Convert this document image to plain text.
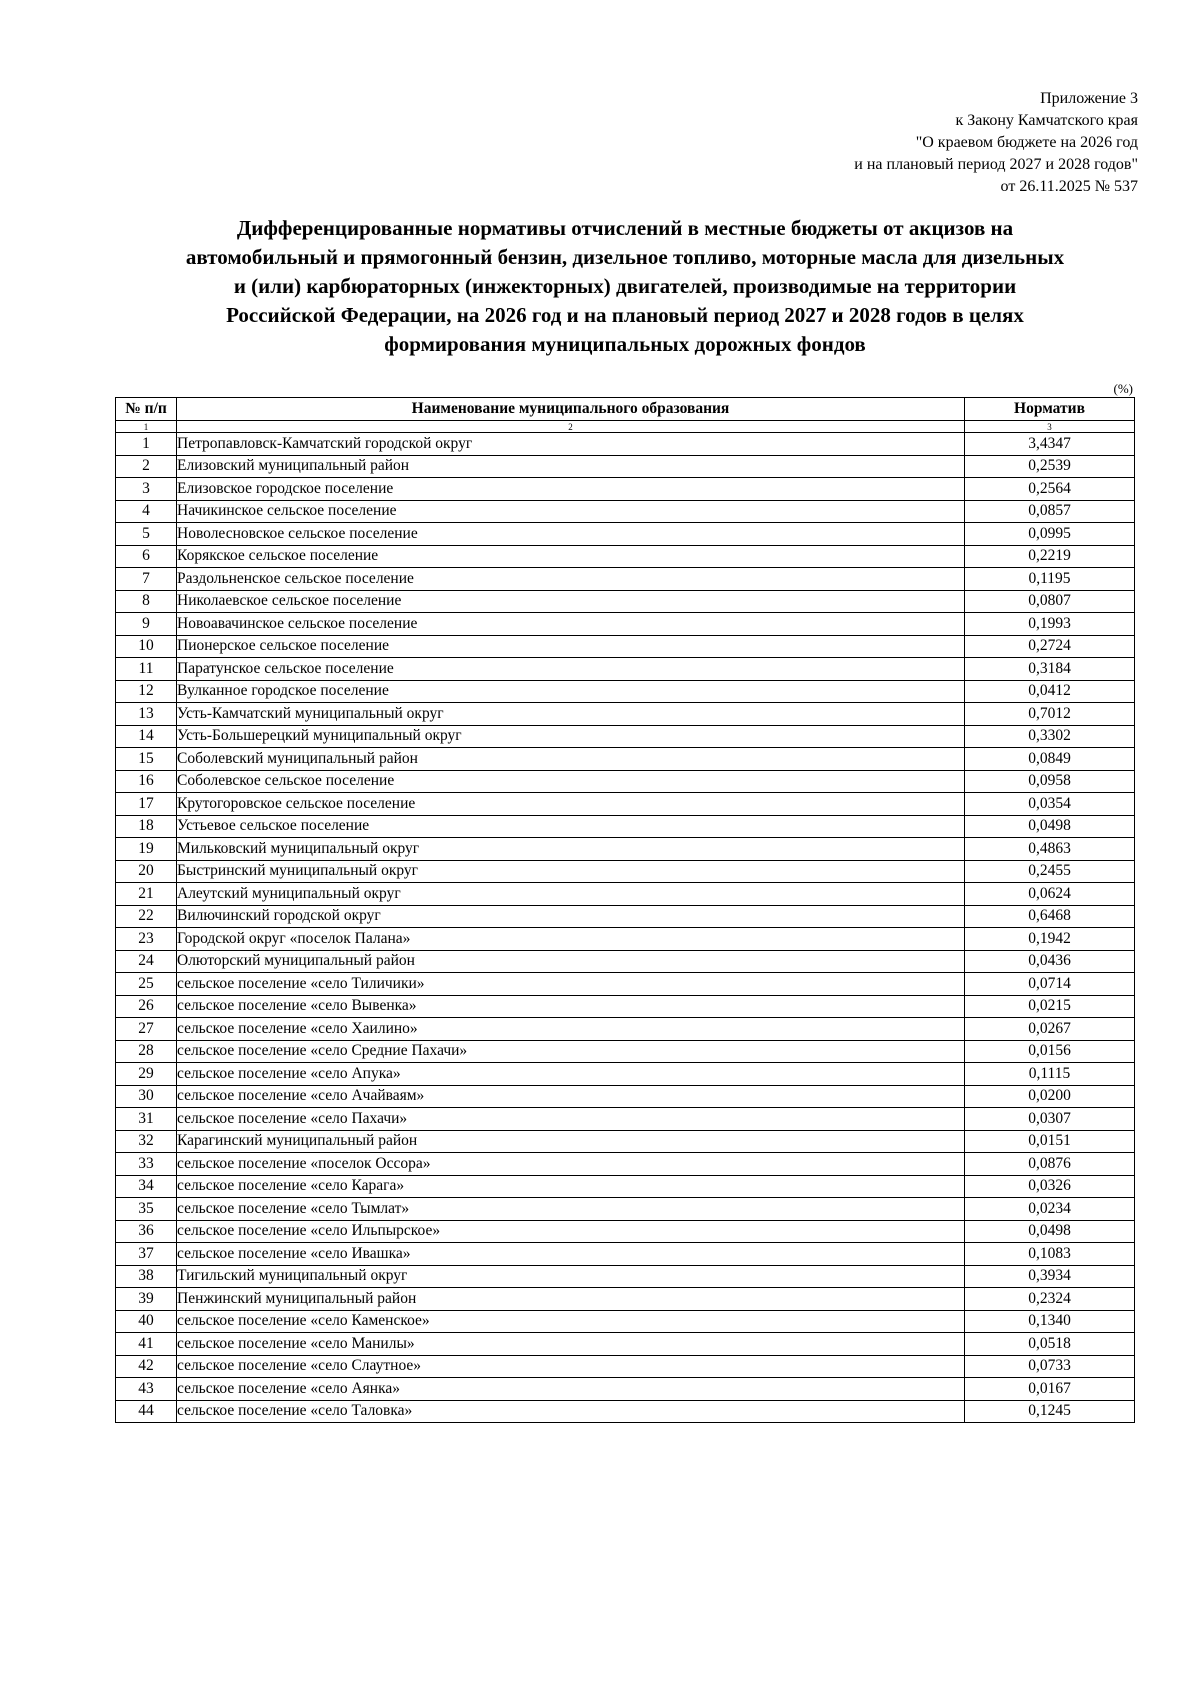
Приложение 3
к Закону Камчатского края
"О краевом бюджете на 2026 год
и на плановый период 2027 и 2028 годов"
от 26.11.2025 № 537
Дифференцированные нормативы отчислений в местные бюджеты от акцизов на
автомобильный и прямогонный бензин, дизельное топливо, моторные масла для дизельных
и (или) карбюраторных (инжекторных) двигателей, производимые на территории
Российской Федерации, на 2026 год и на плановый период 2027 и 2028 годов в целях
формирования муниципальных дорожных фондов
(%)
№ п/п	Наименование муниципального образования	Норматив
1	2	3
1	Петропавловск-Камчатский городской округ	3,4347
2	Елизовский муниципальный район	0,2539
3	Елизовское городское поселение	0,2564
4	Начикинское сельское поселение	0,0857
5	Новолесновское сельское поселение	0,0995
6	Корякское сельское поселение	0,2219
7	Раздольненское сельское поселение	0,1195
8	Николаевское сельское поселение	0,0807
9	Новоавачинское сельское поселение	0,1993
10	Пионерское сельское поселение	0,2724
11	Паратунское сельское поселение	0,3184
12	Вулканное городское поселение	0,0412
13	Усть-Камчатский муниципальный округ	0,7012
14	Усть-Большерецкий муниципальный округ	0,3302
15	Соболевский муниципальный район	0,0849
16	Соболевское сельское поселение	0,0958
17	Крутогоровское сельское поселение	0,0354
18	Устьевое сельское поселение	0,0498
19	Мильковский муниципальный округ	0,4863
20	Быстринский муниципальный округ	0,2455
21	Алеутский муниципальный округ	0,0624
22	Вилючинский городской округ	0,6468
23	Городской округ «поселок Палана»	0,1942
24	Олюторский муниципальный район	0,0436
25	сельское поселение «село Тиличики»	0,0714
26	сельское поселение «село Вывенка»	0,0215
27	сельское поселение «село Хаилино»	0,0267
28	сельское поселение «село Средние Пахачи»	0,0156
29	сельское поселение «село Апука»	0,1115
30	сельское поселение «село Ачайваям»	0,0200
31	сельское поселение «село Пахачи»	0,0307
32	Карагинский муниципальный район	0,0151
33	сельское поселение «поселок Оссора»	0,0876
34	сельское поселение «село Карага»	0,0326
35	сельское поселение «село Тымлат»	0,0234
36	сельское поселение «село Ильпырское»	0,0498
37	сельское поселение «село Ивашка»	0,1083
38	Тигильский муниципальный округ	0,3934
39	Пенжинский муниципальный район	0,2324
40	сельское поселение «село Каменское»	0,1340
41	сельское поселение «село Манилы»	0,0518
42	сельское поселение «село Слаутное»	0,0733
43	сельское поселение «село Аянка»	0,0167
44	сельское поселение «село Таловка»	0,1245
